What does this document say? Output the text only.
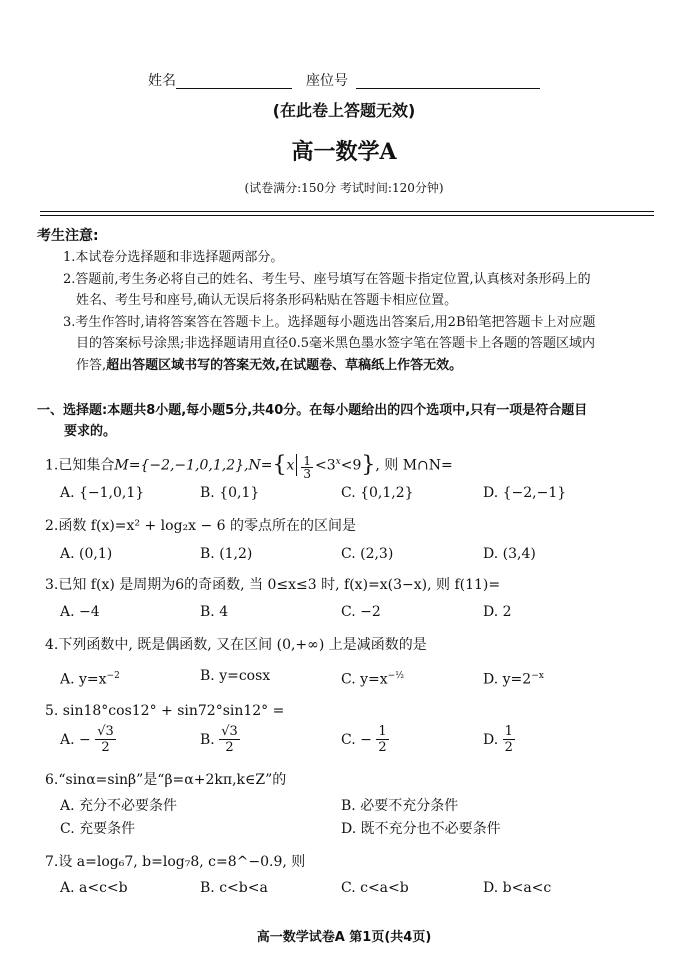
姓名	座位号
(在此卷上答题无效)
高一数学A
(试卷满分:150分 考试时间:120分钟)
考生注意:
1.本试卷分选择题和非选择题两部分。
2.答题前,考生务必将自己的姓名、考生号、座号填写在答题卡指定位置,认真核对条形码上的
姓名、考生号和座号,确认无误后将条形码粘贴在答题卡相应位置。
3.考生作答时,请将答案答在答题卡上。选择题每小题选出答案后,用2B铅笔把答题卡上对应题
目的答案标号涂黑;非选择题请用直径0.5毫米黑色墨水签字笔在答题卡上各题的答题区域内
作答,超出答题区域书写的答案无效,在试题卷、草稿纸上作答无效。
一、选择题:本题共8小题,每小题5分,共40分。在每小题给出的四个选项中,只有一项是符合题目
要求的。
1.已知集合$M=\{-2,-1,0,1,2\},N=\{x \frac{1}{3} <3^x<9\}$, 则 M∩N=
A. {−1,0,1}	B. {0,1}	C. {0,1,2}	D. {−2,−1}
2.函数 f(x)=x² + log₂x − 6 的零点所在的区间是
A. (0,1)	B. (1,2)	C. (2,3)	D. (3,4)
3.已知 f(x) 是周期为6的奇函数, 当 0≤x≤3 时, f(x)=x(3−x), 则 f(11)=
A. −4	B. 4	C. −2	D. 2
4.下列函数中, 既是偶函数, 又在区间 (0,+∞) 上是减函数的是
A. $y=x^{-2}$	B. y=cosx	C. $y=x^{-\frac{1}{2}}$	D. $y=2^{-x}$
5. sin18°cos12° + sin72°sin12° =
A. − $\frac{√3}{2}$	B. $\frac{√3}{2}$	C. − $\frac{1}{2}$	D. $\frac{1}{2}$
6.“sinα=sinβ”是“β=α+2kπ,k∈Z”的
A. 充分不必要条件	B. 必要不充分条件
C. 充要条件	D. 既不充分也不必要条件
7.设 a=log₆7, b=log₇8, c=8^−0.9, 则
A. a<c<b	B. c<b<a	C. c<a<b	D. b<a<c
高一数学试卷A 第1页(共4页)
